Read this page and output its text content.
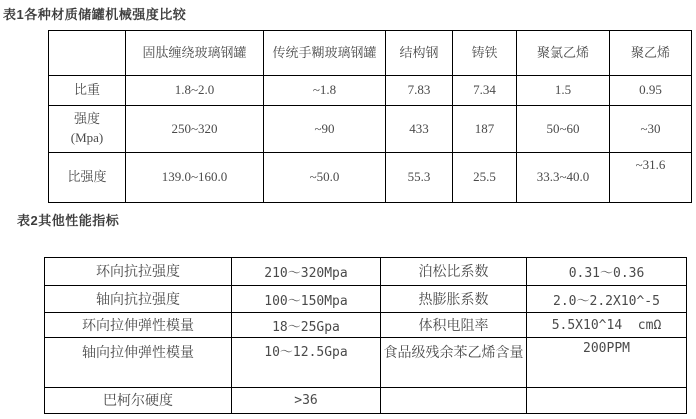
表1各种材质储罐机械强度比较
	固肽缠绕玻璃钢罐	传统手糊玻璃钢罐	结构钢	铸铁	聚氯乙烯	聚乙烯
比重	1.8~2.0	~1.8	7.83	7.34	1.5	0.95

强度
(Mpa)	250~320	~90	433	187	50~60	~30
比强度	139.0~160.0	~50.0	55.3	25.5	33.3~40.0	~31.6
表2其他性能指标
环向抗拉强度	210～320Mpa	泊松比系数	0.31～0.36
轴向抗拉强度	100～150Mpa	热膨胀系数	2.0～2.2X10^-5
环向拉伸弹性模量	18～25Gpa	体积电阻率	5.5X10^14  cmΩ
轴向拉伸弹性模量	10～12.5Gpa	食品级残余苯乙烯含量	200PPM
巴柯尔硬度	>36		
